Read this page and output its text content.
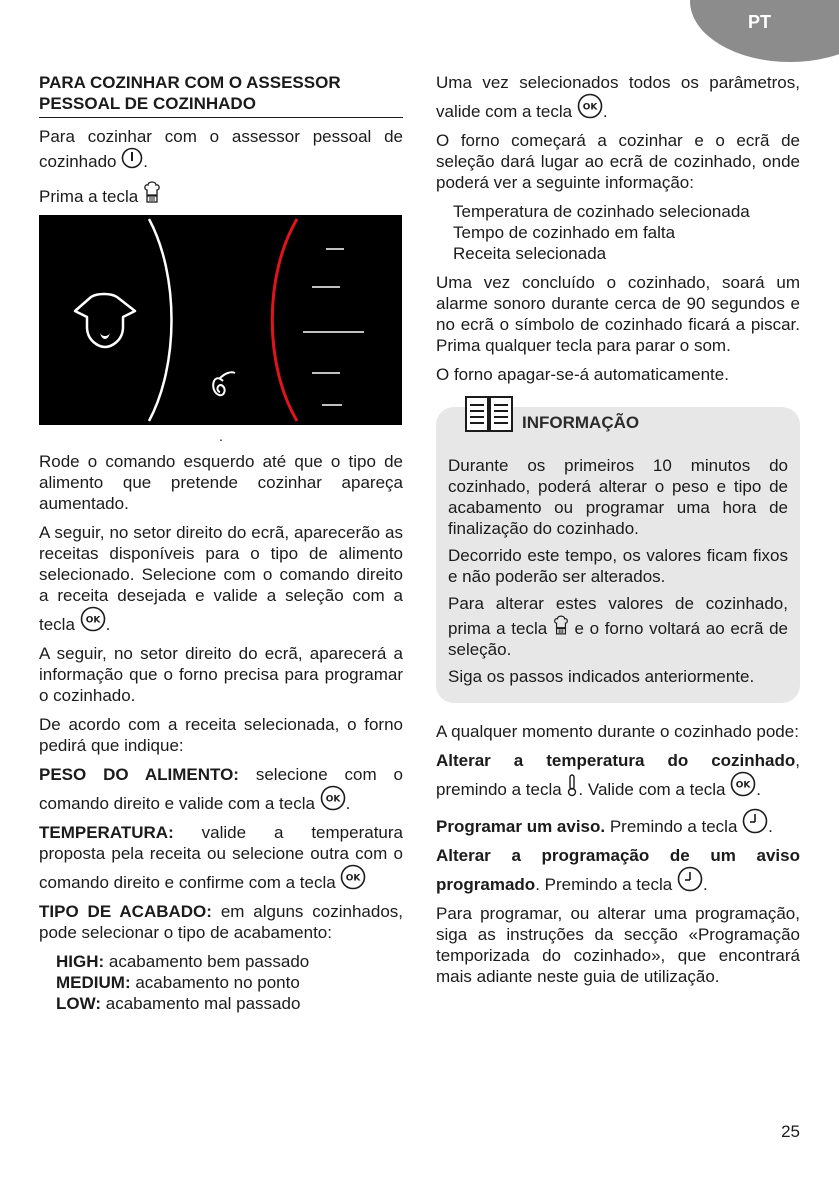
PT
PARA COZINHAR COM O ASSESSOR PESSOAL DE COZINHADO

Para cozinhar com o assessor pessoal de cozinhado .

Prima a tecla

.

Rode o comando esquerdo até que o tipo de alimento que pretende cozinhar apareça aumentado.

A seguir, no setor direito do ecrã, aparecerão as receitas disponíveis para o tipo de alimento selecionado. Selecione com o comando direito a receita desejada e valide a seleção com a tecla OK .

A seguir, no setor direito do ecrã, aparecerá a informação que o forno precisa para programar o cozinhado.

De acordo com a receita selecionada, o forno pedirá que indique:

PESO DO ALIMENTO: selecione com o comando direito e valide com a tecla OK .

TEMPERATURA: valide a temperatura proposta pela receita ou selecione outra com o comando direito e confirme com a tecla OK

TIPO DE ACABADO: em alguns cozinhados, pode selecionar o tipo de acabamento:

HIGH: acabamento bem passado
MEDIUM: acabamento no ponto
LOW: acabamento mal passado

Uma vez selecionados todos os parâmetros, valide com a tecla OK .

O forno começará a cozinhar e o ecrã de seleção dará lugar ao ecrã de cozinhado, onde poderá ver a seguinte informação:

Temperatura de cozinhado selecionada
Tempo de cozinhado em falta
Receita selecionada

Uma vez concluído o cozinhado, soará um alarme sonoro durante cerca de 90 segundos e no ecrã o símbolo de cozinhado ficará a piscar. Prima qualquer tecla para parar o som.

O forno apagar-se-á automaticamente.

INFORMAÇÃO

Durante os primeiros 10 minutos do cozinhado, poderá alterar o peso e tipo de acabamento ou programar uma hora de finalização do cozinhado.

Decorrido este tempo, os valores ficam fixos e não poderão ser alterados.

Para alterar estes valores de cozinhado, prima a tecla
e o forno voltará ao ecrã de seleção.

Siga os passos indicados anteriormente.

A qualquer momento durante o cozinhado pode:

Alterar a temperatura do cozinhado, premindo a tecla . Valide com a tecla OK .

Programar um aviso. Premindo a tecla .

Alterar a programação de um aviso programado. Premindo a tecla .

Para programar, ou alterar uma programação, siga as instruções da secção «Programação temporizada do cozinhado», que encontrará mais adiante neste guia de utilização.

25
